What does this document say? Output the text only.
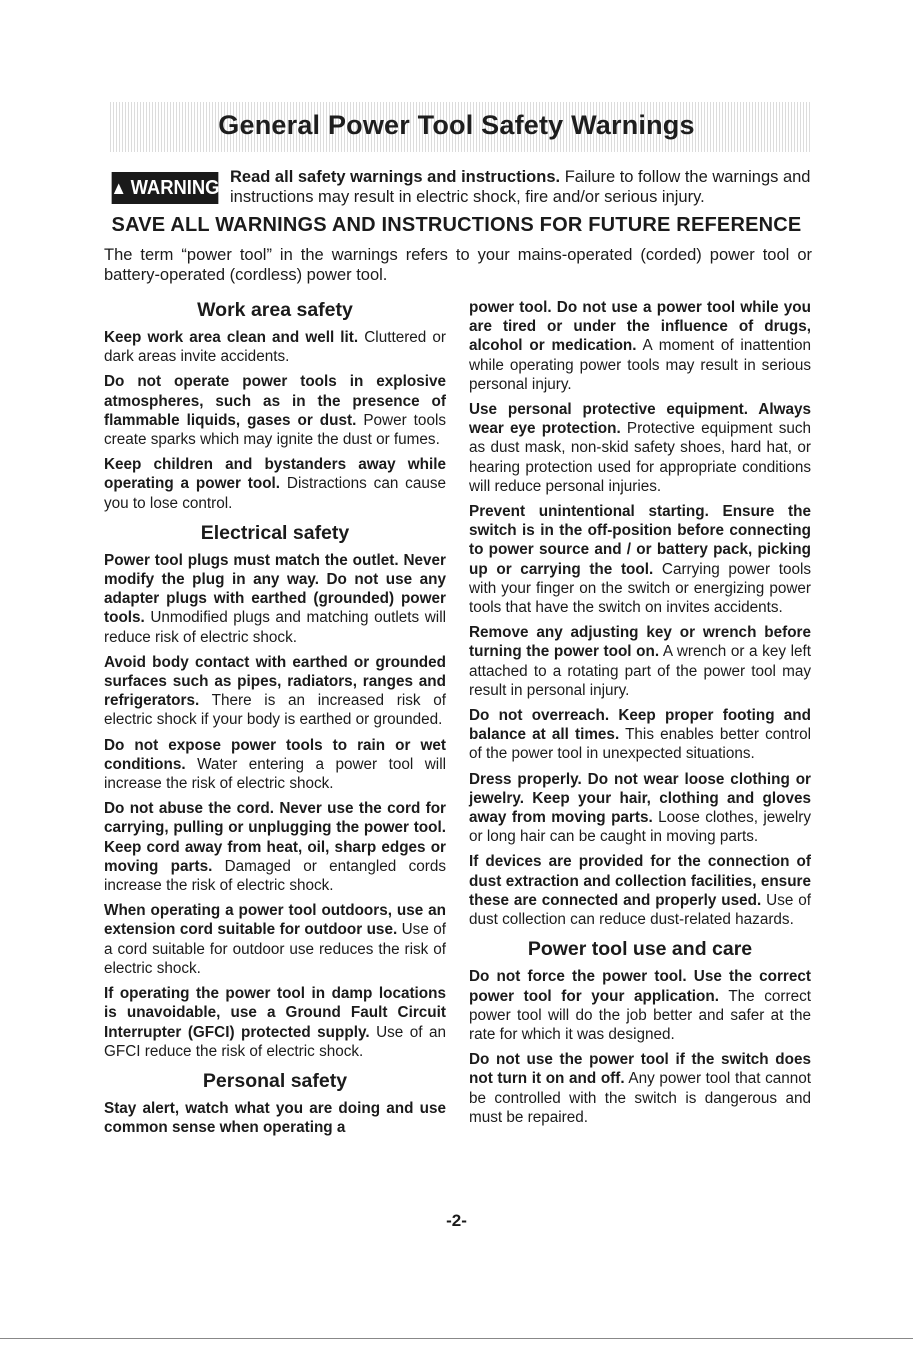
General Power Tool Safety Warnings
▲ WARNING Read all safety warnings and instructions. Failure to follow the warnings and instructions may result in electric shock, fire and/or serious injury.
SAVE ALL WARNINGS AND INSTRUCTIONS FOR FUTURE REFERENCE
The term “power tool” in the warnings refers to your mains-operated (corded) power tool or battery-operated (cordless) power tool.
Work area safety

Keep work area clean and well lit. Cluttered or dark areas invite accidents.

Do not operate power tools in explosive atmospheres, such as in the presence of flammable liquids, gases or dust. Power tools create sparks which may ignite the dust or fumes.

Keep children and bystanders away while operating a power tool. Distractions can cause you to lose control.

Electrical safety

Power tool plugs must match the outlet. Never modify the plug in any way. Do not use any adapter plugs with earthed (grounded) power tools. Unmodified plugs and matching outlets will reduce risk of electric shock.

Avoid body contact with earthed or grounded surfaces such as pipes, radiators, ranges and refrigerators. There is an increased risk of electric shock if your body is earthed or grounded.

Do not expose power tools to rain or wet conditions. Water entering a power tool will increase the risk of electric shock.

Do not abuse the cord. Never use the cord for carrying, pulling or unplugging the power tool. Keep cord away from heat, oil, sharp edges or moving parts. Damaged or entangled cords increase the risk of electric shock.

When operating a power tool outdoors, use an extension cord suitable for outdoor use. Use of a cord suitable for outdoor use reduces the risk of electric shock.

If operating the power tool in damp locations is unavoidable, use a Ground Fault Circuit Interrupter (GFCI) protected supply. Use of an GFCI reduce the risk of electric shock.

Personal safety

Stay alert, watch what you are doing and use common sense when operating a

power tool. Do not use a power tool while you are tired or under the influence of drugs, alcohol or medication. A moment of inattention while operating power tools may result in serious personal injury.

Use personal protective equipment. Always wear eye protection. Protective equipment such as dust mask, non-skid safety shoes, hard hat, or hearing protection used for appropriate conditions will reduce personal injuries.

Prevent unintentional starting. Ensure the switch is in the off-position before connecting to power source and / or battery pack, picking up or carrying the tool. Carrying power tools with your finger on the switch or energizing power tools that have the switch on invites accidents.

Remove any adjusting key or wrench before turning the power tool on. A wrench or a key left attached to a rotating part of the power tool may result in personal injury.

Do not overreach. Keep proper footing and balance at all times. This enables better control of the power tool in unexpected situations.

Dress properly. Do not wear loose clothing or jewelry. Keep your hair, clothing and gloves away from moving parts. Loose clothes, jewelry or long hair can be caught in moving parts.

If devices are provided for the connection of dust extraction and collection facilities, ensure these are connected and properly used. Use of dust collection can reduce dust-related hazards.

Power tool use and care

Do not force the power tool. Use the correct power tool for your application. The correct power tool will do the job better and safer at the rate for which it was designed.

Do not use the power tool if the switch does not turn it on and off. Any power tool that cannot be controlled with the switch is dangerous and must be repaired.

-2-
